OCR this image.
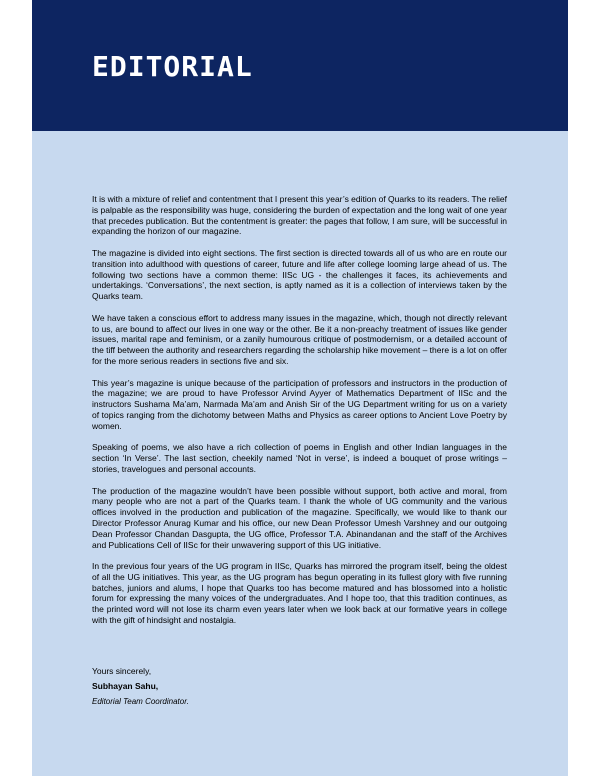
EDITORIAL

It is with a mixture of relief and contentment that I present this year’s edition of Quarks to its readers. The relief is palpable as the responsibility was huge, considering the burden of expectation and the long wait of one year that precedes publication. But the contentment is greater: the pages that follow, I am sure, will be successful in expanding the horizon of our magazine.

The magazine is divided into eight sections. The first section is directed towards all of us who are en route our transition into adulthood with questions of career, future and life after college looming large ahead of us. The following two sections have a common theme: IISc UG - the challenges it faces, its achievements and undertakings. ‘Conversations’, the next section, is aptly named as it is a collection of interviews taken by the Quarks team.

We have taken a conscious effort to address many issues in the magazine, which, though not directly relevant to us, are bound to affect our lives in one way or the other. Be it a non-preachy treatment of issues like gender issues, marital rape and feminism, or a zanily humourous critique of postmodernism, or a detailed account of the tiff between the authority and researchers regarding the scholarship hike movement – there is a lot on offer for the more serious readers in sections five and six.

This year’s magazine is unique because of the participation of professors and instructors in the production of the magazine; we are proud to have Professor Arvind Ayyer of Mathematics Department of IISc and the instructors Sushama Ma’am, Narmada Ma’am and Anish Sir of the UG Department writing for us on a variety of topics ranging from the dichotomy between Maths and Physics as career options to Ancient Love Poetry by women.

Speaking of poems, we also have a rich collection of poems in English and other Indian languages in the section ‘In Verse’. The last section, cheekily named ‘Not in verse’, is indeed a bouquet of prose writings – stories, travelogues and personal accounts.

The production of the magazine wouldn’t have been possible without support, both active and moral, from many people who are not a part of the Quarks team. I thank the whole of UG community and the various offices involved in the production and publication of the magazine. Specifically, we would like to thank our Director Professor Anurag Kumar and his office, our new Dean Professor Umesh Varshney and our outgoing Dean Professor Chandan Dasgupta, the UG office, Professor T.A. Abinandanan and the staff of the Archives and Publications Cell of IISc for their unwavering support of this UG initiative.

In the previous four years of the UG program in IISc, Quarks has mirrored the program itself, being the oldest of all the UG initiatives. This year, as the UG program has begun operating in its fullest glory with five running batches, juniors and alums, I hope that Quarks too has become matured and has blossomed into a holistic forum for expressing the many voices of the undergraduates. And I hope too, that this tradition continues, as the printed word will not lose its charm even years later when we look back at our formative years in college with the gift of hindsight and nostalgia.

Yours sincerely,
Subhayan Sahu,
Editorial Team Coordinator.
